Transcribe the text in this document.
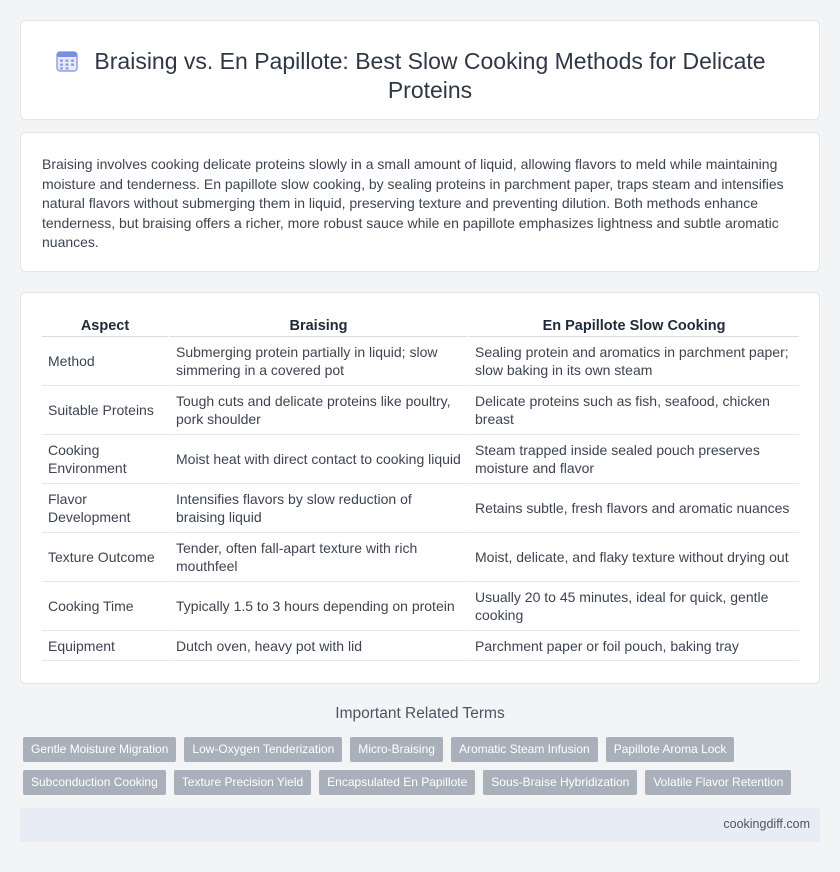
Braising vs. En Papillote: Best Slow Cooking Methods for Delicate Proteins

Braising involves cooking delicate proteins slowly in a small amount of liquid, allowing flavors to meld while maintaining moisture and tenderness. En papillote slow cooking, by sealing proteins in parchment paper, traps steam and intensifies natural flavors without submerging them in liquid, preserving texture and preventing dilution. Both methods enhance tenderness, but braising offers a richer, more robust sauce while en papillote emphasizes lightness and subtle aromatic nuances.

Aspect	Braising	En Papillote Slow Cooking
Method	Submerging protein partially in liquid; slow simmering in a covered pot	Sealing protein and aromatics in parchment paper; slow baking in its own steam
Suitable Proteins	Tough cuts and delicate proteins like poultry, pork shoulder	Delicate proteins such as fish, seafood, chicken breast
Cooking Environment	Moist heat with direct contact to cooking liquid	Steam trapped inside sealed pouch preserves moisture and flavor
Flavor Development	Intensifies flavors by slow reduction of braising liquid	Retains subtle, fresh flavors and aromatic nuances
Texture Outcome	Tender, often fall-apart texture with rich mouthfeel	Moist, delicate, and flaky texture without drying out
Cooking Time	Typically 1.5 to 3 hours depending on protein	Usually 20 to 45 minutes, ideal for quick, gentle cooking
Equipment	Dutch oven, heavy pot with lid	Parchment paper or foil pouch, baking tray
Important Related Terms
Gentle Moisture Migration	Low-Oxygen Tenderization	Micro-Braising	Aromatic Steam Infusion	Papillote Aroma Lock
Subconduction Cooking	Texture Precision Yield	Encapsulated En Papillote	Sous-Braise Hybridization	Volatile Flavor Retention
cookingdiff.com
